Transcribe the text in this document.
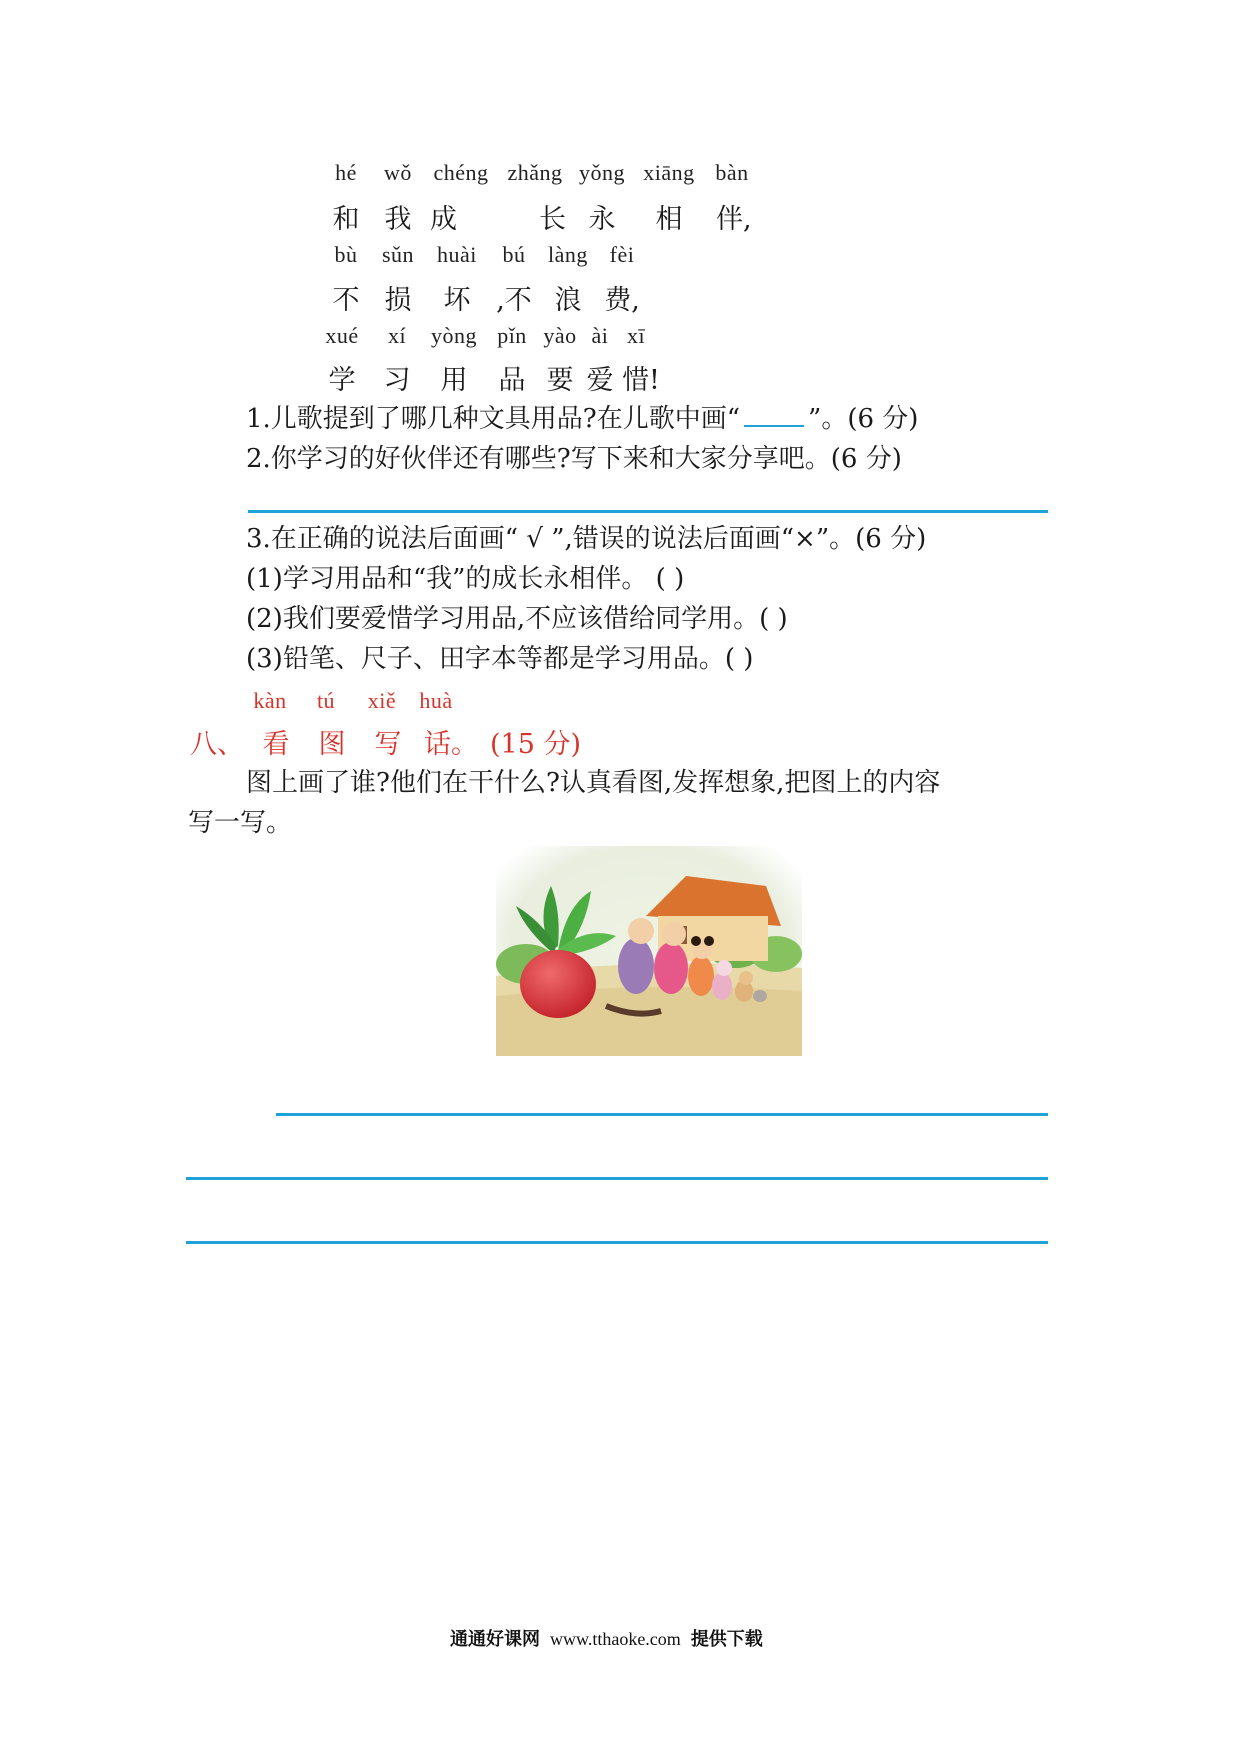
hé wǒ chéng zhǎng yǒng xiāng bàn
和 我 成	长 永 相 伴,
bù sǔn huài bú làng fèi
不 损 坏 ,不 浪 费,
xué xí yòng pǐn yào ài xī
学 习 用 品 要 爱 惜!
1.儿歌提到了哪几种文具用品?在儿歌中画“	”。(6 分)
2.你学习的好伙伴还有哪些?写下来和大家分享吧。(6 分)
3.在正确的说法后面画“ √ ”,错误的说法后面画“×”。(6 分)
(1)学习用品和“我”的成长永相伴。 ( )
(2)我们要爱惜学习用品,不应该借给同学用。( )
(3)铅笔、尺子、田字本等都是学习用品。( )
kàn tú xiě huà
八、 看 图 写 话。 (15 分)
图上画了谁?他们在干什么?认真看图,发挥想象,把图上的内容
写一写。
通通好课网 www.tthaoke.com 提供下载
